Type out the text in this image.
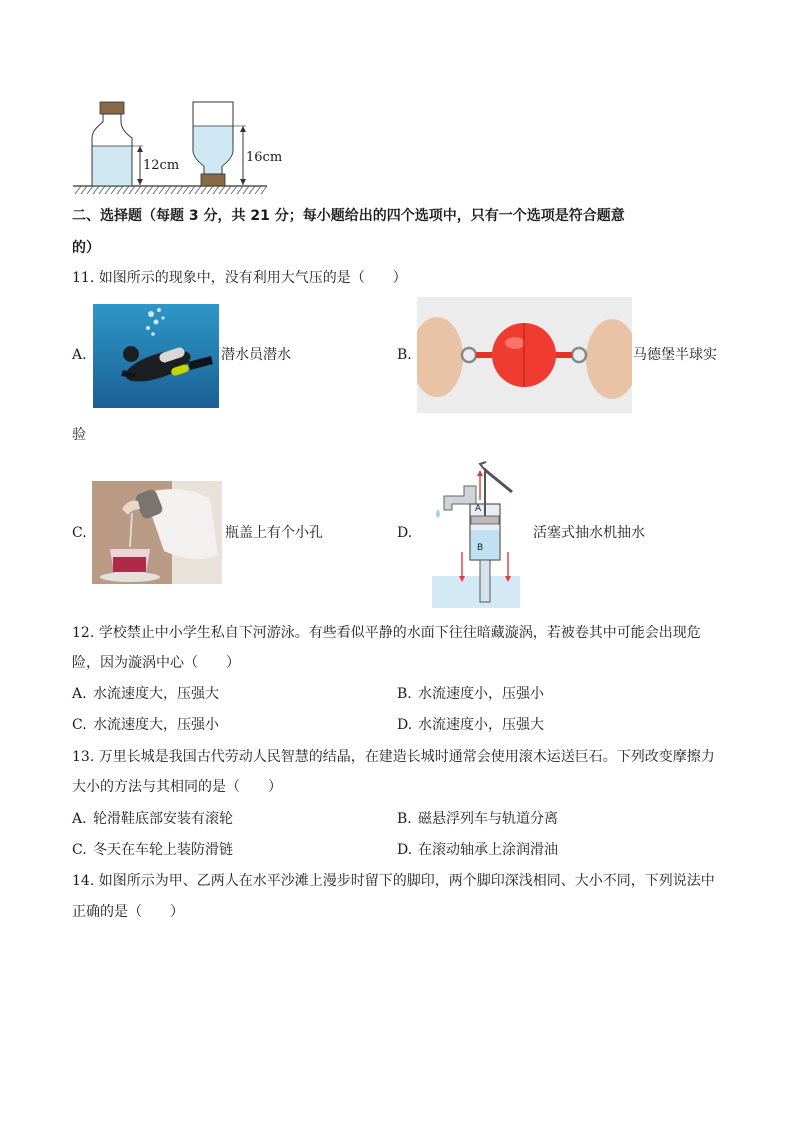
12cm
16cm
二、选择题（每题 3 分，共 21 分；每小题给出的四个选项中，只有一个选项是符合题意
的）
11. 如图所示的现象中，没有利用大气压的是（　　）
A.	潜水员潜水	B.	马德堡半球实
验
C.	瓶盖上有个小孔	D.
A
B
活塞式抽水机抽水
12. 学校禁止中小学生私自下河游泳。有些看似平静的水面下往往暗藏漩涡，若被卷其中可能会出现危
险，因为漩涡中心（　　）
A. 水流速度大，压强大	B. 水流速度小，压强小
C. 水流速度大，压强小	D. 水流速度小，压强大
13. 万里长城是我国古代劳动人民智慧的结晶，在建造长城时通常会使用滚木运送巨石。下列改变摩擦力
大小的方法与其相同的是（　　）
A. 轮滑鞋底部安装有滚轮	B. 磁悬浮列车与轨道分离
C. 冬天在车轮上装防滑链	D. 在滚动轴承上涂润滑油
14. 如图所示为甲、乙两人在水平沙滩上漫步时留下的脚印，两个脚印深浅相同、大小不同，下列说法中
正确的是（　　）
